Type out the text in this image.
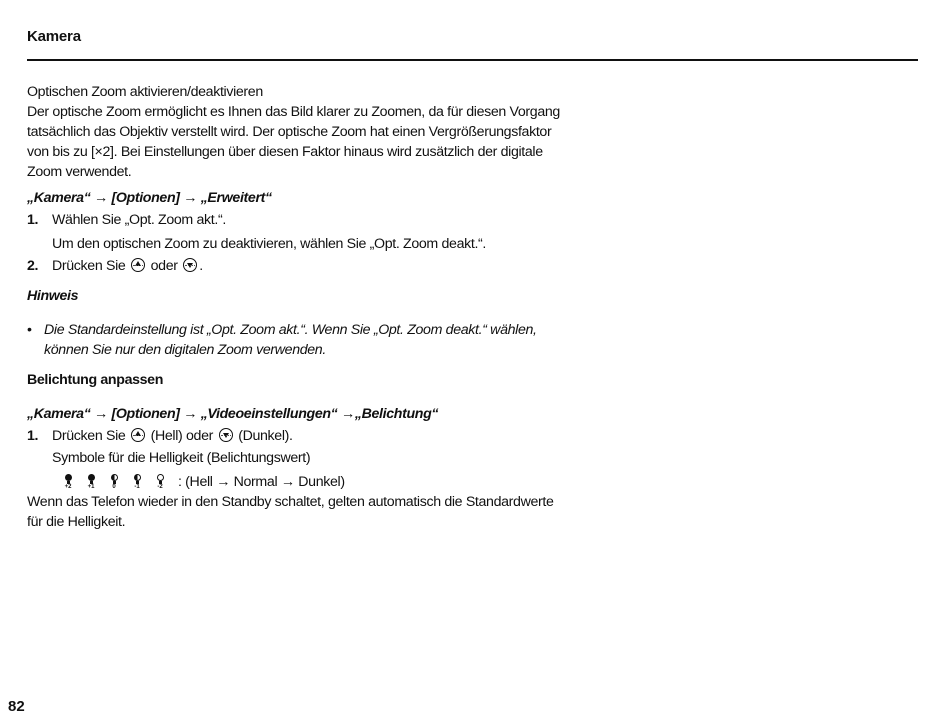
Kamera

Optischen Zoom aktivieren/deaktivieren

Der optische Zoom ermöglicht es Ihnen das Bild klarer zu Zoomen, da für diesen Vorgang

tatsächlich das Objektiv verstellt wird. Der optische Zoom hat einen Vergrößerungsfaktor

von bis zu [×2]. Bei Einstellungen über diesen Faktor hinaus wird zusätzlich der digitale

Zoom verwendet.

„Kamera“ → [Optionen] → „Erweitert“

1. Wählen Sie „Opt. Zoom akt.“.
Um den optischen Zoom zu deaktivieren, wählen Sie „Opt. Zoom deakt.“.
2. Drücken Sie oder .

Hinweis

• Die Standardeinstellung ist „Opt. Zoom akt.“. Wenn Sie „Opt. Zoom deakt.“ wählen,
können Sie nur den digitalen Zoom verwenden.

Belichtung anpassen

„Kamera“ → [Optionen] → „Videoeinstellungen“ →„Belichtung“

1. Drücken Sie (Hell) oder (Dunkel).
Symbole für die Helligkeit (Belichtungswert)
+2	+1	0	-1	-2 : (Hell → Normal → Dunkel)

Wenn das Telefon wieder in den Standby schaltet, gelten automatisch die Standardwerte

für die Helligkeit.

82
